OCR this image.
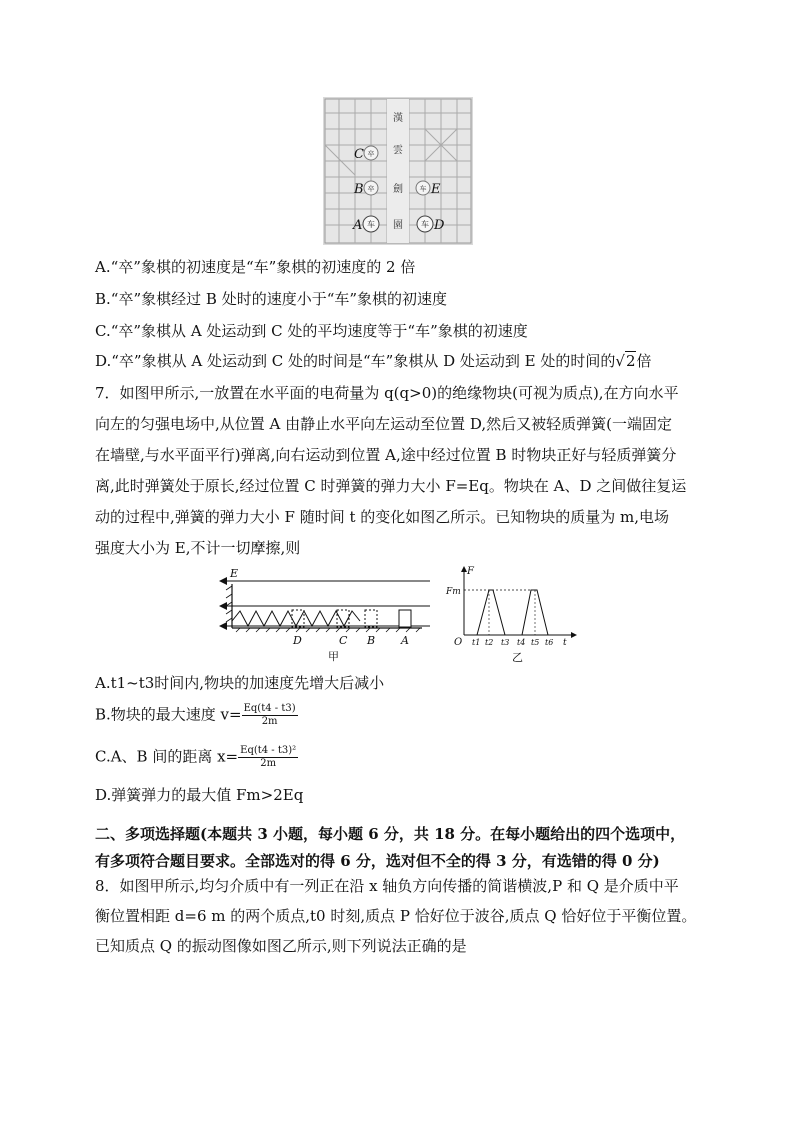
漢
雲
劍
園
卒
卒
车
车
车
C
B
A
E
D
A.“卒”象棋的初速度是“车”象棋的初速度的 2 倍
B.“卒”象棋经过 B 处时的速度小于“车”象棋的初速度
C.“卒”象棋从 A 处运动到 C 处的平均速度等于“车”象棋的初速度
D.“卒”象棋从 A 处运动到 C 处的时间是“车”象棋从 D 处运动到 E 处的时间的√2倍
7．如图甲所示,一放置在水平面的电荷量为 q(q>0)的绝缘物块(可视为质点),在方向水平
向左的匀强电场中,从位置 A 由静止水平向左运动至位置 D,然后又被轻质弹簧(一端固定
在墙壁,与水平面平行)弹离,向右运动到位置 A,途中经过位置 B 时物块正好与轻质弹簧分
离,此时弹簧处于原长,经过位置 C 时弹簧的弹力大小 F=Eq。物块在 A、D 之间做往复运
动的过程中,弹簧的弹力大小 F 随时间 t 的变化如图乙所示。已知物块的质量为 m,电场
强度大小为 E,不计一切摩擦,则
E
D	C B A
甲
F
Fm
O t1 t2 t3 t4 t5 t6 t
乙
A.t1~t3时间内,物块的加速度先增大后减小
B.物块的最大速度 $v= \frac{Eq(t4 - t3)}{2m}$
C.A、B 间的距离 $x= \frac{\text{Eq(t4 - t3)²}}{2m}$
D.弹簧弹力的最大值 Fm>2Eq
二、多项选择题(本题共 3 小题，每小题 6 分，共 18 分。在每小题给出的四个选项中，
有多项符合题目要求。全部选对的得 6 分，选对但不全的得 3 分，有选错的得 0 分)
8．如图甲所示,均匀介质中有一列正在沿 x 轴负方向传播的简谐横波,P 和 Q 是介质中平
衡位置相距 d=6 m 的两个质点,t0 时刻,质点 P 恰好位于波谷,质点 Q 恰好位于平衡位置。
已知质点 Q 的振动图像如图乙所示,则下列说法正确的是
